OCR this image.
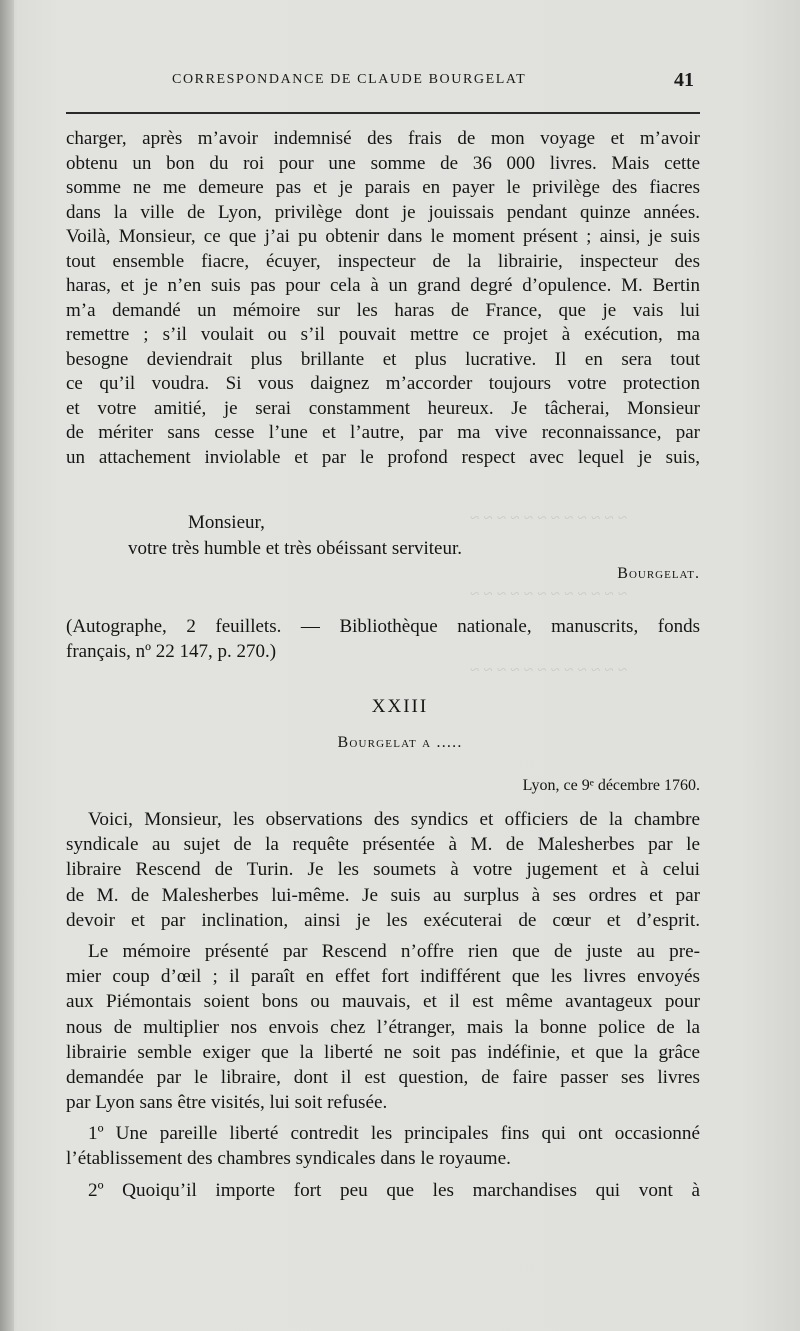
~ ~ ~ ~ ~ ~ ~ ~ ~ ~ ~ ~
~ ~ ~ ~ ~ ~ ~ ~ ~ ~ ~ ~
~ ~ ~ ~ ~ ~ ~ ~ ~ ~ ~ ~
CORRESPONDANCE DE CLAUDE BOURGELAT	41
charger, après m’avoir indemnisé des frais de mon voyage et m’avoir
obtenu un bon du roi pour une somme de 36 000 livres. Mais cette
somme ne me demeure pas et je parais en payer le privilège des fiacres
dans la ville de Lyon, privilège dont je jouissais pendant quinze années.
Voilà, Monsieur, ce que j’ai pu obtenir dans le moment présent ; ainsi, je suis
tout ensemble fiacre, écuyer, inspecteur de la librairie, inspecteur des
haras, et je n’en suis pas pour cela à un grand degré d’opulence. M. Bertin
m’a demandé un mémoire sur les haras de France, que je vais lui
remettre ; s’il voulait ou s’il pouvait mettre ce projet à exécution, ma
besogne deviendrait plus brillante et plus lucrative. Il en sera tout
ce qu’il voudra. Si vous daignez m’accorder toujours votre protection
et votre amitié, je serai constamment heureux. Je tâcherai, Monsieur
de mériter sans cesse l’une et l’autre, par ma vive reconnaissance, par
un attachement inviolable et par le profond respect avec lequel je suis,
Monsieur,
votre très humble et très obéissant serviteur.
Bourgelat.
(Autographe, 2 feuillets. — Bibliothèque nationale, manuscrits, fonds
français, nº 22 147, p. 270.)
XXIII
Bourgelat a .....
Lyon, ce 9ᵉ décembre 1760.
Voici, Monsieur, les observations des syndics et officiers de la chambre
syndicale au sujet de la requête présentée à M. de Malesherbes par le
libraire Rescend de Turin. Je les soumets à votre jugement et à celui
de M. de Malesherbes lui-même. Je suis au surplus à ses ordres et par
devoir et par inclination, ainsi je les exécuterai de cœur et d’esprit.
Le mémoire présenté par Rescend n’offre rien que de juste au pre-
mier coup d’œil ; il paraît en effet fort indifférent que les livres envoyés
aux Piémontais soient bons ou mauvais, et il est même avantageux pour
nous de multiplier nos envois chez l’étranger, mais la bonne police de la
librairie semble exiger que la liberté ne soit pas indéfinie, et que la grâce
demandée par le libraire, dont il est question, de faire passer ses livres
par Lyon sans être visités, lui soit refusée.
1º Une pareille liberté contredit les principales fins qui ont occasionné
l’établissement des chambres syndicales dans le royaume.
2º Quoiqu’il importe fort peu que les marchandises qui vont à
